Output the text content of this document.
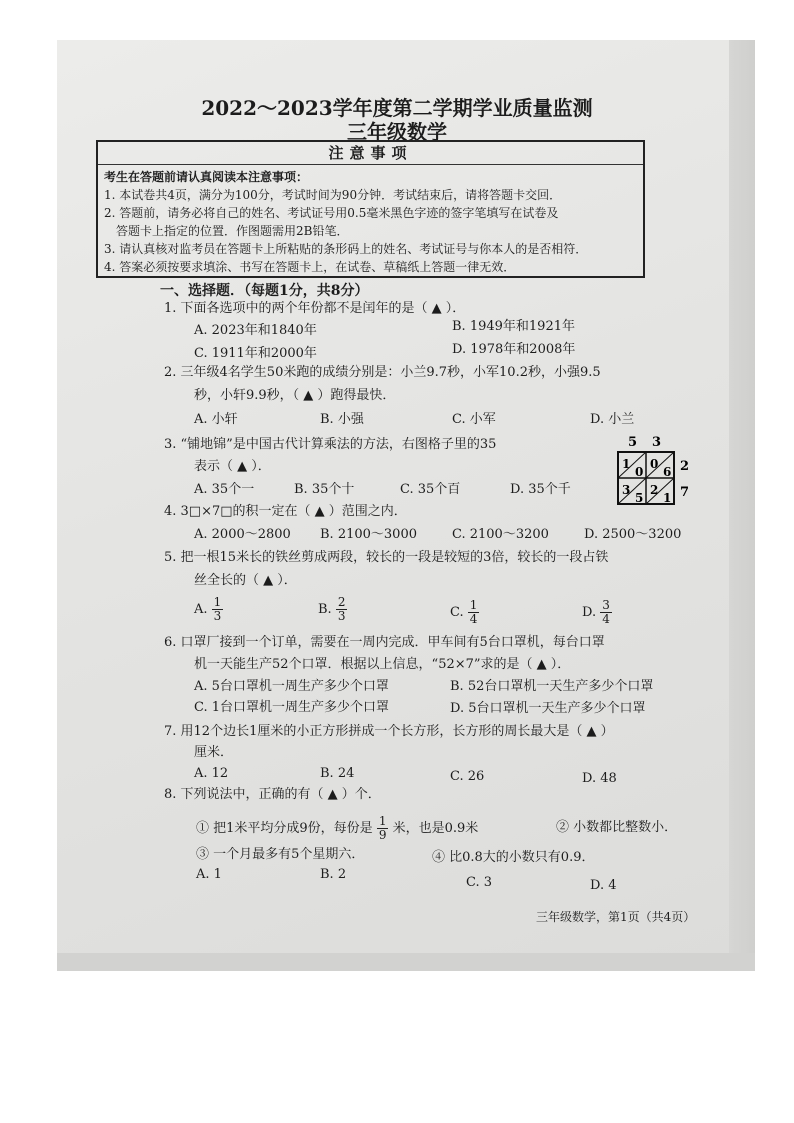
2022～2023学年度第二学期学业质量监测
三年级数学
注意事项
考生在答题前请认真阅读本注意事项：
1. 本试卷共4页，满分为100分，考试时间为90分钟．考试结束后，请将答题卡交回．
2. 答题前，请务必将自己的姓名、考试证号用0.5毫米黑色字迹的签字笔填写在试卷及
答题卡上指定的位置．作图题需用2B铅笔．
3. 请认真核对监考员在答题卡上所粘贴的条形码上的姓名、考试证号与你本人的是否相符．
4. 答案必须按要求填涂、书写在答题卡上，在试卷、草稿纸上答题一律无效．
一、选择题．（每题1分，共8分）
1. 下面各选项中的两个年份都不是闰年的是（ ▲ ）．
A. 2023年和1840年	B. 1949年和1921年
C. 1911年和2000年	D. 1978年和2008年
2. 三年级4名学生50米跑的成绩分别是：小兰9.7秒，小军10.2秒，小强9.5
秒，小轩9.9秒，（ ▲ ）跑得最快．
A. 小轩	B. 小强	C. 小军	D. 小兰
3. “铺地锦”是中国古代计算乘法的方法，右图格子里的35
表示（ ▲ ）．
A. 35个一	B. 35个十	C. 35个百	D. 35个千
5 3
1
0
0
6
3
5
2
1
2
7
4. 3□×7□的积一定在（ ▲ ）范围之内．
A. 2000～2800 B. 2100～3000	C. 2100～3200	D. 2500～3200
5. 把一根15米长的铁丝剪成两段，较长的一段是较短的3倍，较长的一段占铁
丝全长的（ ▲ ）．
A. $\frac{1}{3}$	B. $\frac{2}{3}$	C. $\frac{1}{4}$	D. $\frac{3}{4}$
6. 口罩厂接到一个订单，需要在一周内完成．甲车间有5台口罩机，每台口罩
机一天能生产52个口罩．根据以上信息，“52×7”求的是（ ▲ ）．
A. 5台口罩机一周生产多少个口罩	B. 52台口罩机一天生产多少个口罩
C. 1台口罩机一周生产多少个口罩	D. 5台口罩机一天生产多少个口罩
7. 用12个边长1厘米的小正方形拼成一个长方形，长方形的周长最大是（ ▲ ）
厘米．
A. 12	B. 24	C. 26	D. 48
8. 下列说法中，正确的有（ ▲ ）个．
① 把1米平均分成9份，每份是 $\frac{1}{9}$ 米，也是0.9米	② 小数都比整数小．
③ 一个月最多有5个星期六．	④ 比0.8大的小数只有0.9．
A. 1	B. 2
C. 3	D. 4
三年级数学，第1页（共4页）
